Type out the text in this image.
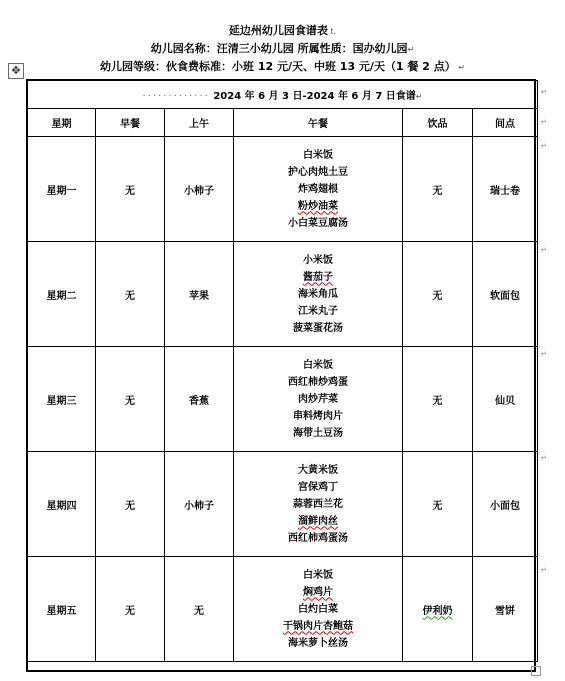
延边州幼儿园食谱表 t.
幼儿园名称：汪清三小幼儿园 所属性质：国办幼儿园↵
幼儿园等级：伙食费标准：小班 12 元/天、中班 13 元/天（1 餐 2 点） ↵
✥
············· 2024 年 6 月 3 日-2024 年 6 月 7 日食谱↵					
星期	早餐	上午	午餐	饮品	间点
星期一	无	小柿子	白米饭
护心肉炖土豆
炸鸡翅根
粉炒油菜
小白菜豆腐汤	无	瑞士卷
星期二	无	苹果	小米饭
酱茄子
海米角瓜
江米丸子
菠菜蛋花汤	无	软面包
星期三	无	香蕉	白米饭
西红柿炒鸡蛋
肉炒芹菜
串料烤肉片
海带土豆汤	无	仙贝
星期四	无	小柿子	大黄米饭
宫保鸡丁
蒜蓉西兰花
溜鲜肉丝
西红柿鸡蛋汤	无	小面包
星期五	无	无	白米饭
焖鸡片
白灼白菜
干锅肉片杏鲍菇
海米萝卜丝汤	伊利奶	雪饼
↵
↵
↵
↵
↵
↵
↵
